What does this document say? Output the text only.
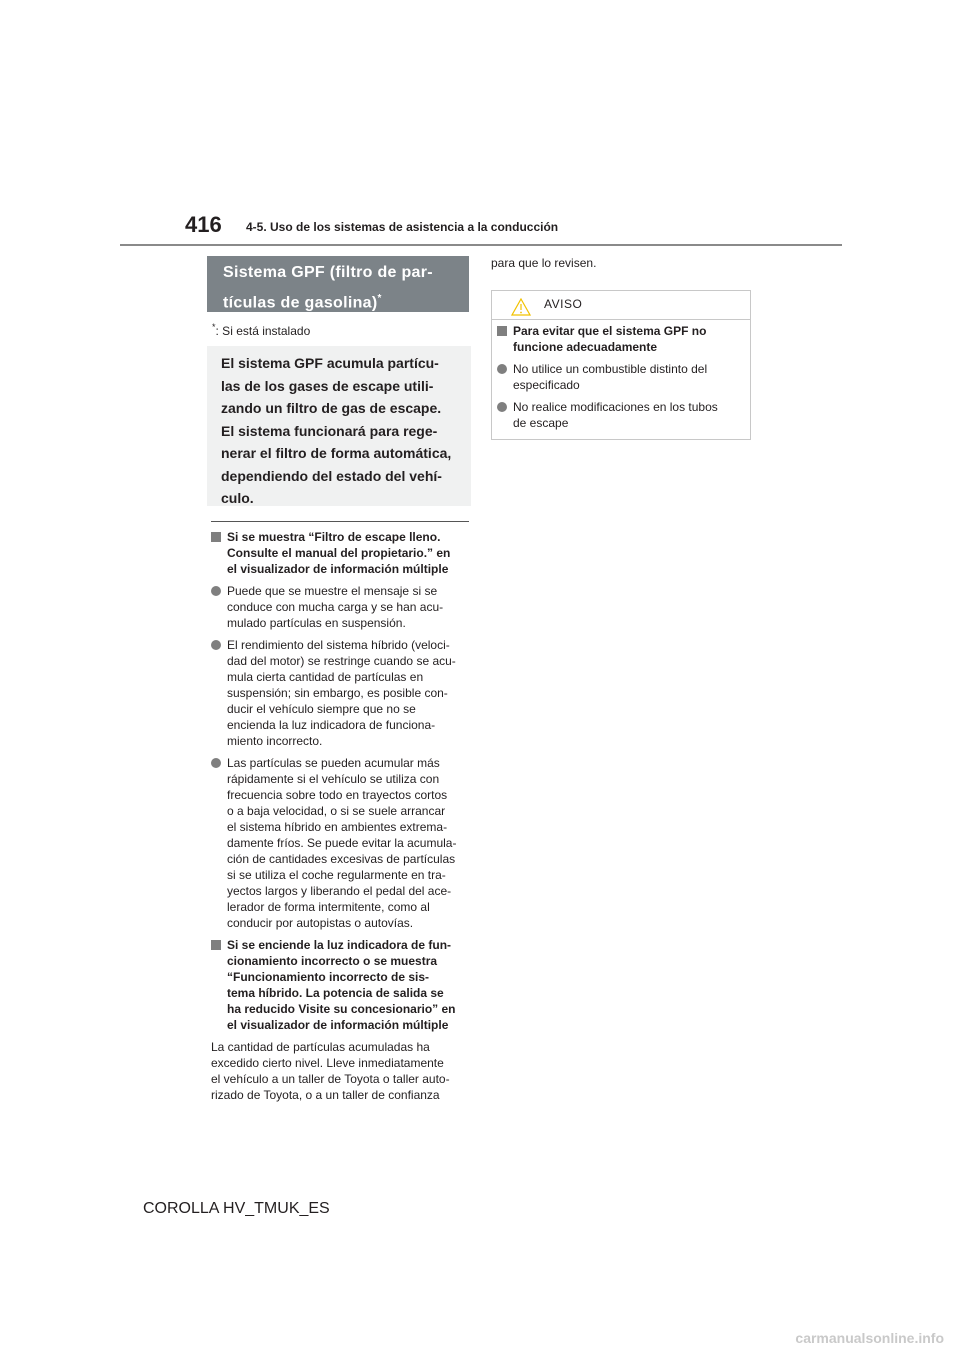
416 4-5. Uso de los sistemas de asistencia a la conducción
Sistema GPF (filtro de par-
tículas de gasolina)*
*: Si está instalado
El sistema GPF acumula partícu-
las de los gases de escape utili-
zando un filtro de gas de escape.
El sistema funcionará para rege-
nerar el filtro de forma automática,
dependiendo del estado del vehí-
culo.
Si se muestra “Filtro de escape lleno.
Consulte el manual del propietario.” en
el visualizador de información múltiple
Puede que se muestre el mensaje si se
conduce con mucha carga y se han acu-
mulado partículas en suspensión.
El rendimiento del sistema híbrido (veloci-
dad del motor) se restringe cuando se acu-
mula cierta cantidad de partículas en
suspensión; sin embargo, es posible con-
ducir el vehículo siempre que no se
encienda la luz indicadora de funciona-
miento incorrecto.
Las partículas se pueden acumular más
rápidamente si el vehículo se utiliza con
frecuencia sobre todo en trayectos cortos
o a baja velocidad, o si se suele arrancar
el sistema híbrido en ambientes extrema-
damente fríos. Se puede evitar la acumula-
ción de cantidades excesivas de partículas
si se utiliza el coche regularmente en tra-
yectos largos y liberando el pedal del ace-
lerador de forma intermitente, como al
conducir por autopistas o autovías.
Si se enciende la luz indicadora de fun-
cionamiento incorrecto o se muestra
“Funcionamiento incorrecto de sis-
tema híbrido. La potencia de salida se
ha reducido Visite su concesionario” en
el visualizador de información múltiple
La cantidad de partículas acumuladas ha
excedido cierto nivel. Lleve inmediatamente
el vehículo a un taller de Toyota o taller auto-
rizado de Toyota, o a un taller de confianza
para que lo revisen.
AVISO
Para evitar que el sistema GPF no
funcione adecuadamente
No utilice un combustible distinto del
especificado
No realice modificaciones en los tubos
de escape
COROLLA HV_TMUK_ES
carmanualsonline.info
